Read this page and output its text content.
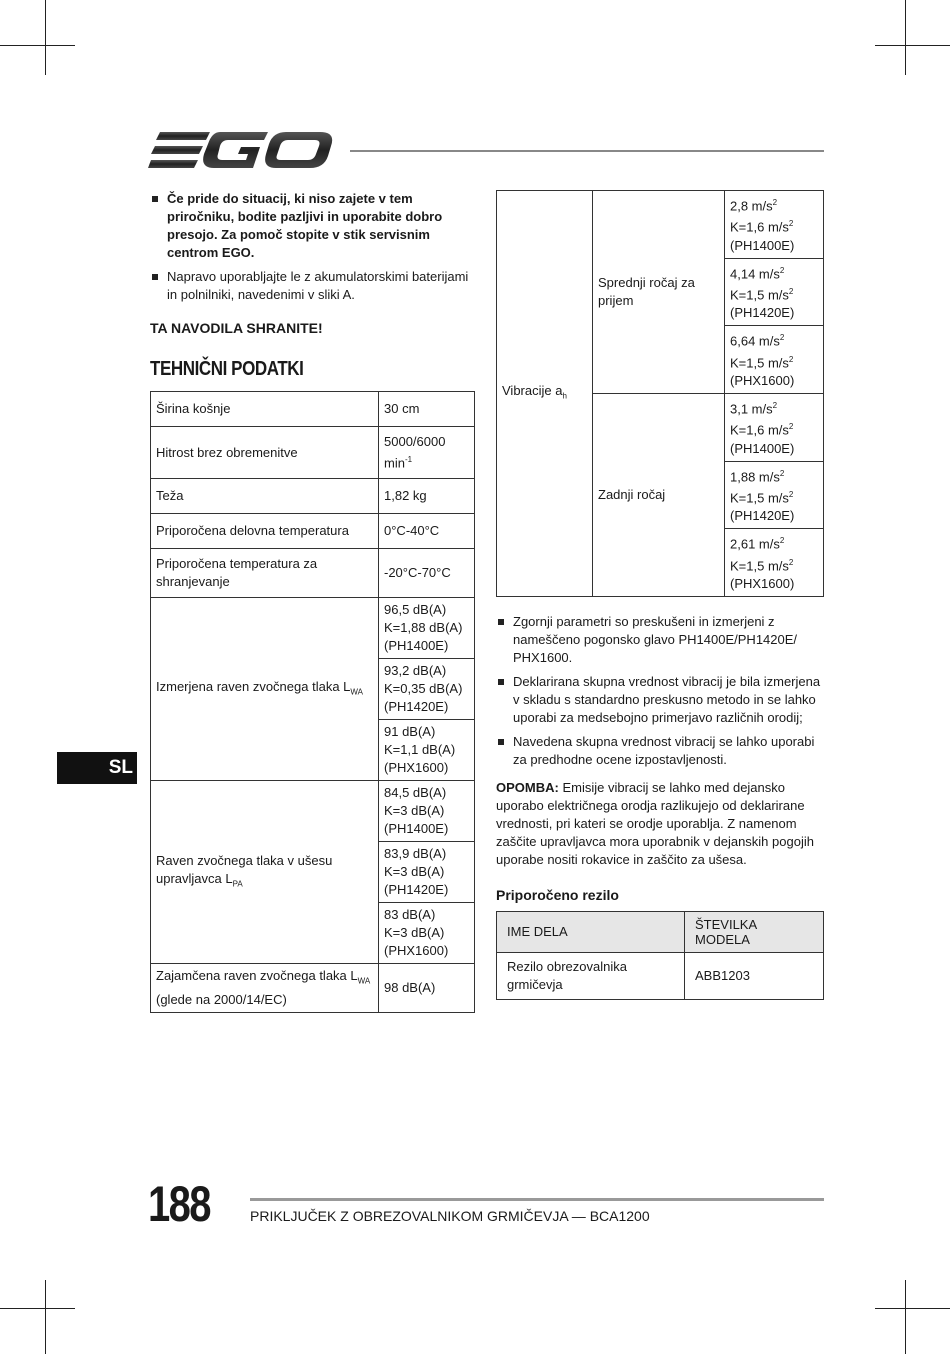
Če pride do situacij, ki niso zajete v tem priročniku, bodite pazljivi in uporabite dobro presojo. Za pomoč stopite v stik servisnim centrom EGO.
Napravo uporabljajte le z akumulatorskimi baterijami in polnilniki, navedenimi v sliki A.
TA NAVODILA SHRANITE!
TEHNIČNI PODATKI
Širina košnje	30 cm
Hitrost brez obremenitve	5000/6000 $\min^{-1}$
Teža	1,82 kg
Priporočena delovna temperatura	0°C-40°C
Priporočena temperatura za shranjevanje	-20°C-70°C
Izmerjena raven zvočnega tlaka $L_{WA}$	96,5 dB(A)
K=1,88 dB(A)
(PH1400E)
	93,2 dB(A)
K=0,35 dB(A)
(PH1420E)
	91 dB(A)
K=1,1 dB(A)
(PHX1600)
Raven zvočnega tlaka v ušesu upravljavca $L_{PA}$	84,5 dB(A)
K=3 dB(A)
(PH1400E)
	83,9 dB(A)
K=3 dB(A)
(PH1420E)
	83 dB(A)
K=3 dB(A)
(PHX1600)
Zajamčena raven zvočnega tlaka $L_{WA}$
(glede na 2000/14/EC)	98 dB(A)
SL
Vibracije $a_h$	Sprednji ročaj za prijem	2,8 $m/s^2$
K=1,6 $m/s^2$
(PH1400E)
		4,14 $m/s^2$
K=1,5 $m/s^2$
(PH1420E)
		6,64 $m/s^2$
K=1,5 $m/s^2$
(PHX1600)
	Zadnji ročaj	3,1 $m/s^2$
K=1,6 $m/s^2$
(PH1400E)
		1,88 $m/s^2$
K=1,5 $m/s^2$
(PH1420E)
		2,61 $m/s^2$
K=1,5 $m/s^2$
(PHX1600)
Zgornji parametri so preskušeni in izmerjeni z nameščeno pogonsko glavo PH1400E/PH1420E/ PHX1600.
Deklarirana skupna vrednost vibracij je bila izmerjena v skladu s standardno preskusno metodo in se lahko uporabi za medsebojno primerjavo različnih orodij;
Navedena skupna vrednost vibracij se lahko uporabi za predhodne ocene izpostavljenosti.
OPOMBA: Emisije vibracij se lahko med dejansko uporabo električnega orodja razlikujejo od deklarirane vrednosti, pri kateri se orodje uporablja. Z namenom zaščite upravljavca mora uporabnik v dejanskih pogojih uporabe nositi rokavice in zaščito za ušesa.
Priporočeno rezilo
IME DELA	ŠTEVILKA MODELA
Rezilo obrezovalnika grmičevja	ABB1203
188	PRIKLJUČEK Z OBREZOVALNIKOM GRMIČEVJA — BCA1200
